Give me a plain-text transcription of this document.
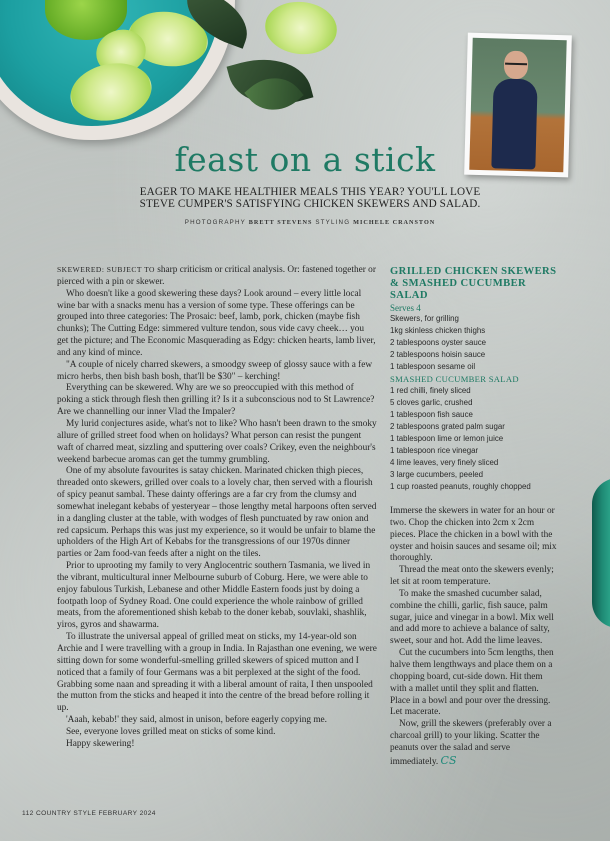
feast on a stick
EAGER TO MAKE HEALTHIER MEALS THIS YEAR? YOU'LL LOVE
STEVE CUMPER'S SATISFYING CHICKEN SKEWERS AND SALAD.
PHOTOGRAPHY BRETT STEVENS STYLING MICHELE CRANSTON

SKEWERED: SUBJECT TO sharp criticism or critical analysis. Or: fastened together or pierced with a pin or skewer.

Who doesn't like a good skewering these days? Look around – every little local wine bar with a snacks menu has a version of some type. These offerings can be grouped into three categories: The Prosaic: beef, lamb, pork, chicken (maybe fish chunks); The Cutting Edge: simmered vulture tendon, sous vide cavy cheek… you get the picture; and The Economic Masquerading as Edgy: chicken hearts, lamb liver, and any kind of mince.

"A couple of nicely charred skewers, a smoodgy sweep of glossy sauce with a few micro herbs, then bish bash bosh, that'll be $30" – kerching!

Everything can be skewered. Why are we so preoccupied with this method of poking a stick through flesh then grilling it? Is it a subconscious nod to St Lawrence? Are we channelling our inner Vlad the Impaler?

My lurid conjectures aside, what's not to like? Who hasn't been drawn to the smoky allure of grilled street food when on holidays? What person can resist the pungent waft of charred meat, sizzling and sputtering over coals? Crikey, even the neighbour's weekend barbecue aromas can get the tummy grumbling.

One of my absolute favourites is satay chicken. Marinated chicken thigh pieces, threaded onto skewers, grilled over coals to a lovely char, then served with a flourish of spicy peanut sambal. These dainty offerings are a far cry from the clumsy and somewhat inelegant kebabs of yesteryear – those lengthy metal harpoons often served in a dangling cluster at the table, with wodges of flesh punctuated by raw onion and red capsicum. Perhaps this was just my experience, so it would be unfair to blame the upholders of the High Art of Kebabs for the transgressions of our 1970s dinner parties or 2am food-van feeds after a night on the tiles.

Prior to uprooting my family to very Anglocentric southern Tasmania, we lived in the vibrant, multicultural inner Melbourne suburb of Coburg. Here, we were able to enjoy fabulous Turkish, Lebanese and other Middle Eastern foods just by doing a footpath loop of Sydney Road. One could experience the whole rainbow of grilled meats, from the aforementioned shish kebab to the doner kebab, souvlaki, shashlik, yiros, gyros and shawarma.

To illustrate the universal appeal of grilled meat on sticks, my 14-year-old son Archie and I were travelling with a group in India. In Rajasthan one evening, we were sitting down for some wonderful-smelling grilled skewers of spiced mutton and I noticed that a family of four Germans was a bit perplexed at the sight of the food. Grabbing some naan and spreading it with a liberal amount of raita, I then unspooled the mutton from the sticks and heaped it into the centre of the bread before rolling it up.

'Aaah, kebab!' they said, almost in unison, before eagerly copying me.

See, everyone loves grilled meat on sticks of some kind.

Happy skewering!

GRILLED CHICKEN SKEWERS & SMASHED CUCUMBER SALAD
Serves 4
Skewers, for grilling
1kg skinless chicken thighs
2 tablespoons oyster sauce
2 tablespoons hoisin sauce
1 tablespoon sesame oil
SMASHED CUCUMBER SALAD
1 red chilli, finely sliced
5 cloves garlic, crushed
1 tablespoon fish sauce
2 tablespoons grated palm sugar
1 tablespoon lime or lemon juice
1 tablespoon rice vinegar
4 lime leaves, very finely sliced
3 large cucumbers, peeled
1 cup roasted peanuts, roughly chopped

Immerse the skewers in water for an hour or two. Chop the chicken into 2cm x 2cm pieces. Place the chicken in a bowl with the oyster and hoisin sauces and sesame oil; mix thoroughly.

Thread the meat onto the skewers evenly; let sit at room temperature.

To make the smashed cucumber salad, combine the chilli, garlic, fish sauce, palm sugar, juice and vinegar in a bowl. Mix well and add more to achieve a balance of salty, sweet, sour and hot. Add the lime leaves.

Cut the cucumbers into 5cm lengths, then halve them lengthways and place them on a chopping board, cut-side down. Hit them with a mallet until they split and flatten. Place in a bowl and pour over the dressing. Let macerate.

Now, grill the skewers (preferably over a charcoal grill) to your liking. Scatter the peanuts over the salad and serve immediately. CS

112 COUNTRY STYLE FEBRUARY 2024
